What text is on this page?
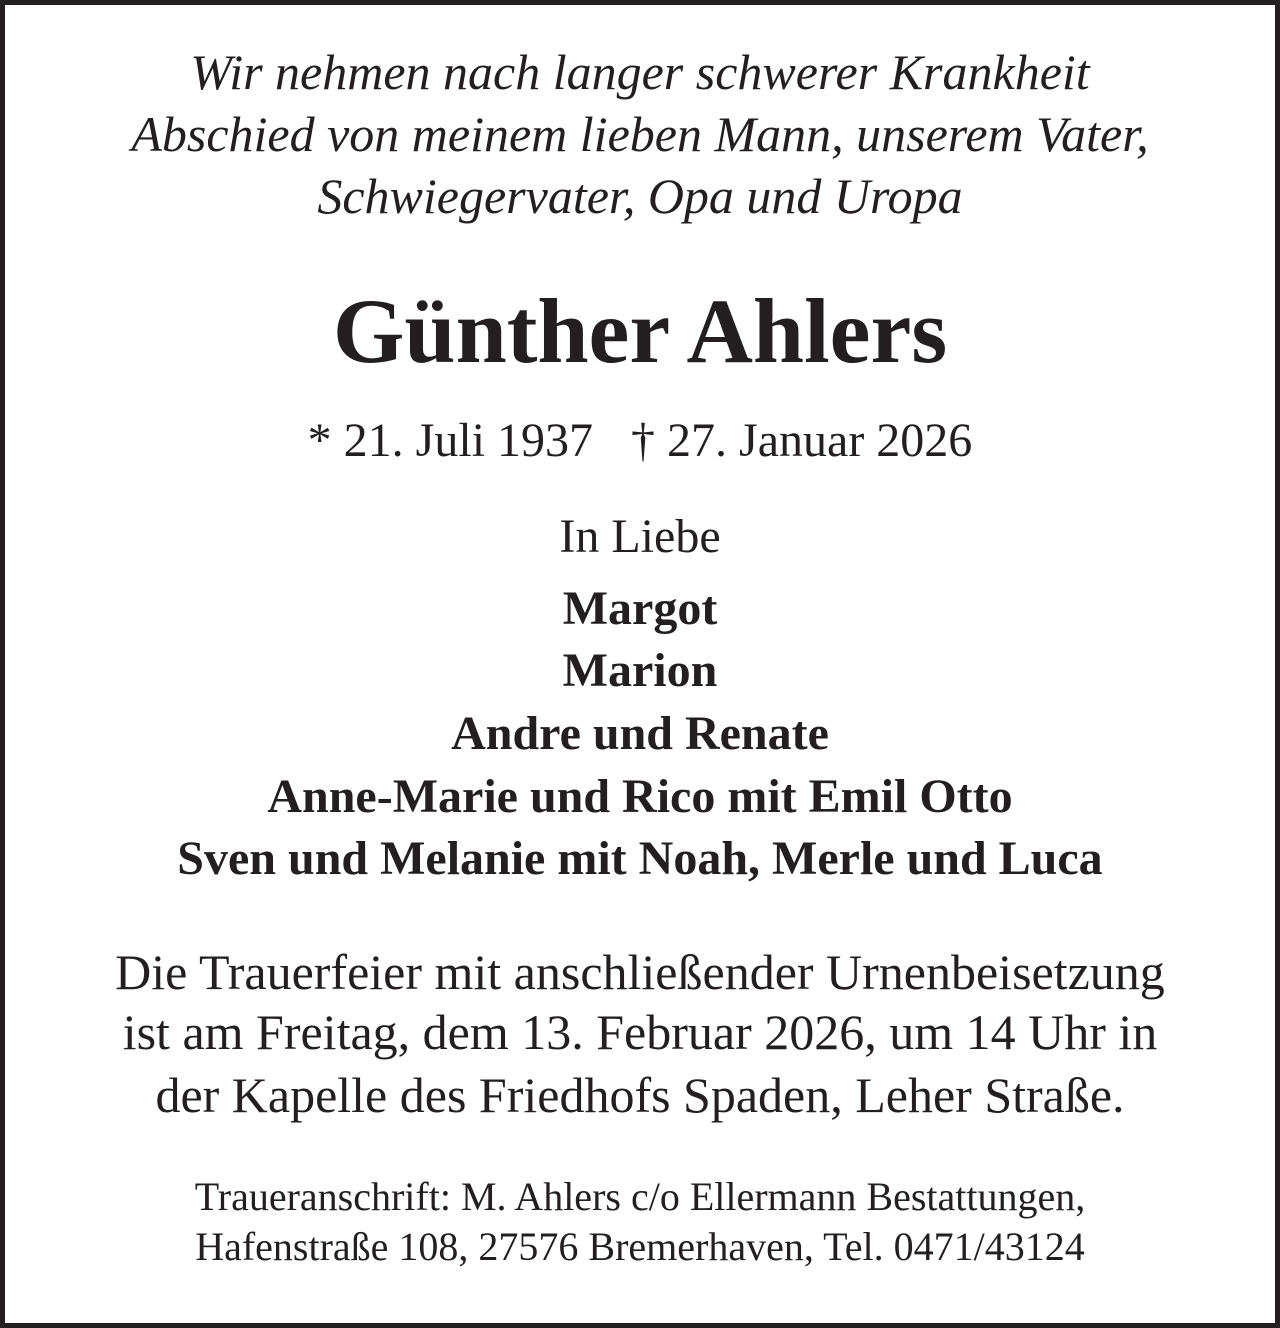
Wir nehmen nach langer schwerer Krankheit
Abschied von meinem lieben Mann, unserem Vater,
Schwiegervater, Opa und Uropa
Günther Ahlers
* 21. Juli 1937 † 27. Januar 2026
In Liebe
Margot
Marion
Andre und Renate
Anne-Marie und Rico mit Emil Otto
Sven und Melanie mit Noah, Merle und Luca
Die Trauerfeier mit anschließender Urnenbeisetzung
ist am Freitag, dem 13. Februar 2026, um 14 Uhr in
der Kapelle des Friedhofs Spaden, Leher Straße.
Traueranschrift: M. Ahlers c/o Ellermann Bestattungen,
Hafenstraße 108, 27576 Bremerhaven, Tel. 0471/43124
